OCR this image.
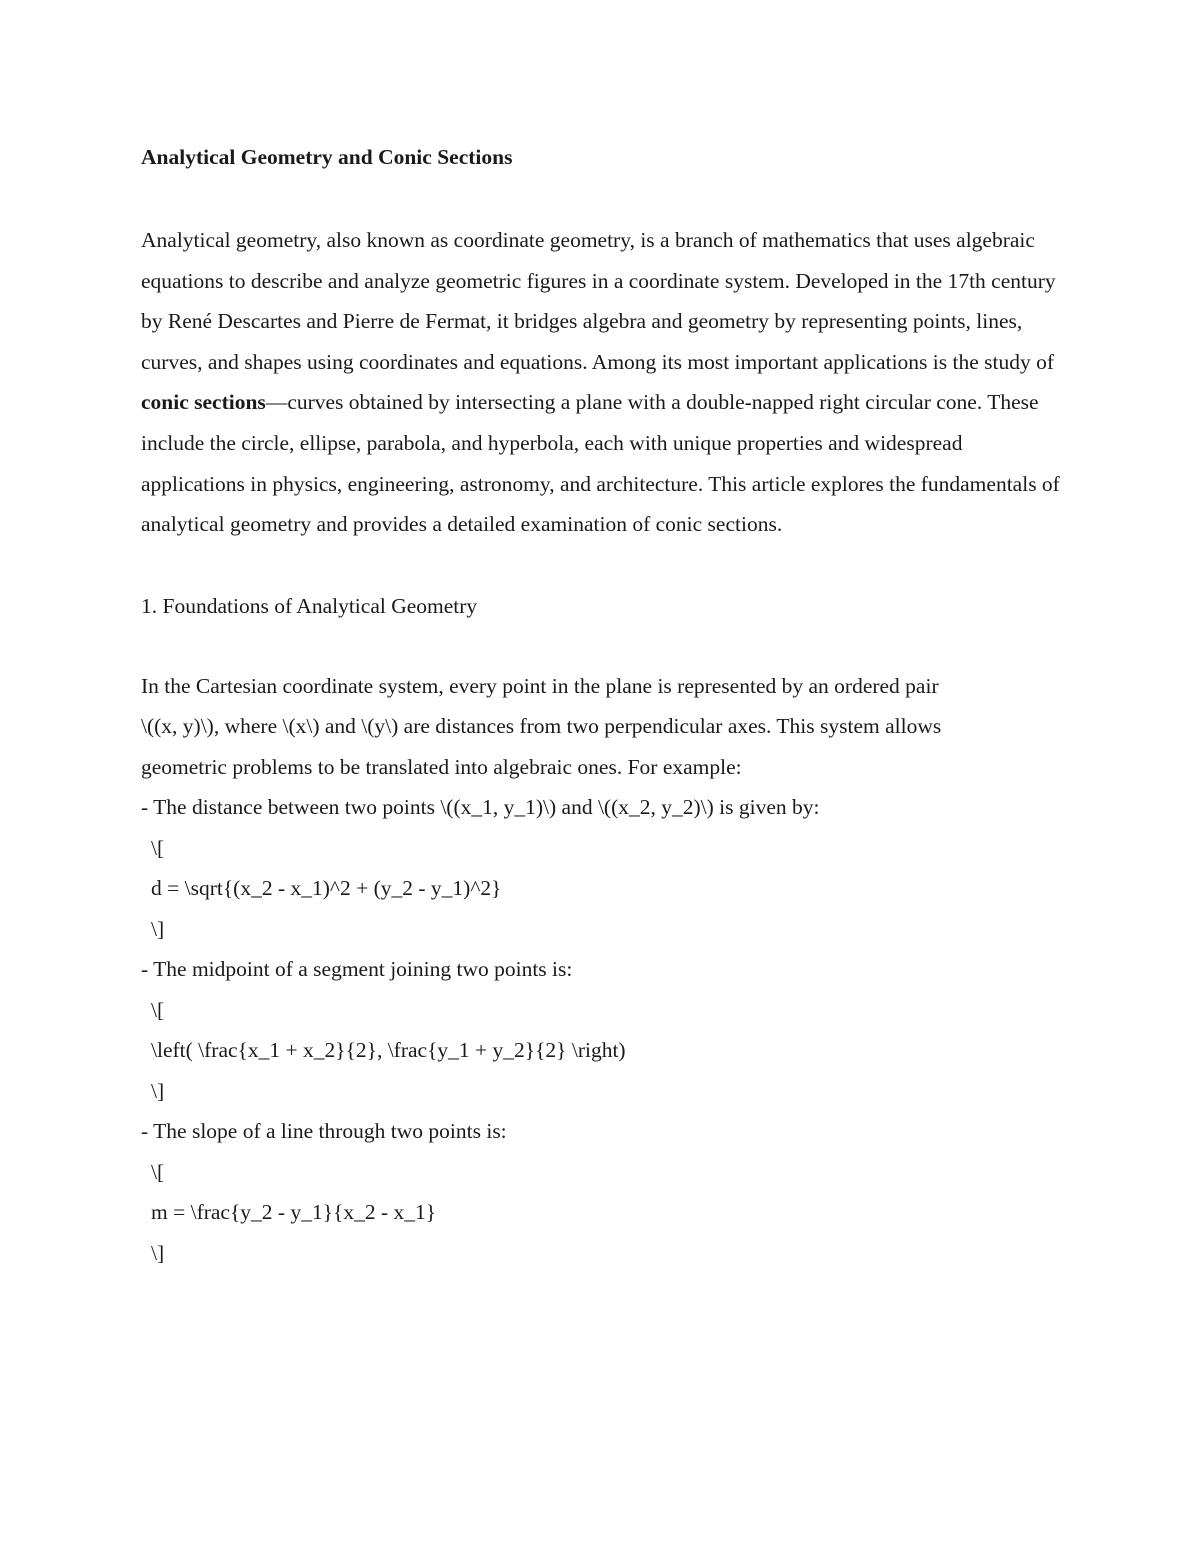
Analytical Geometry and Conic Sections

Analytical geometry, also known as coordinate geometry, is a branch of mathematics that uses algebraic equations to describe and analyze geometric figures in a coordinate system. Developed in the 17th century by René Descartes and Pierre de Fermat, it bridges algebra and geometry by representing points, lines, curves, and shapes using coordinates and equations. Among its most important applications is the study of conic sections—curves obtained by intersecting a plane with a double-napped right circular cone. These include the circle, ellipse, parabola, and hyperbola, each with unique properties and widespread applications in physics, engineering, astronomy, and architecture. This article explores the fundamentals of analytical geometry and provides a detailed examination of conic sections.

1. Foundations of Analytical Geometry
In the Cartesian coordinate system, every point in the plane is represented by an ordered pair
\((x, y)\), where \(x\) and \(y\) are distances from two perpendicular axes. This system allows
geometric problems to be translated into algebraic ones. For example:
- The distance between two points \((x_1, y_1)\) and \((x_2, y_2)\) is given by:
\[
d = \sqrt{(x_2 - x_1)^2 + (y_2 - y_1)^2}
\]
- The midpoint of a segment joining two points is:
\[
\left( \frac{x_1 + x_2}{2}, \frac{y_1 + y_2}{2} \right)
\]
- The slope of a line through two points is:
\[
m = \frac{y_2 - y_1}{x_2 - x_1}
\]
